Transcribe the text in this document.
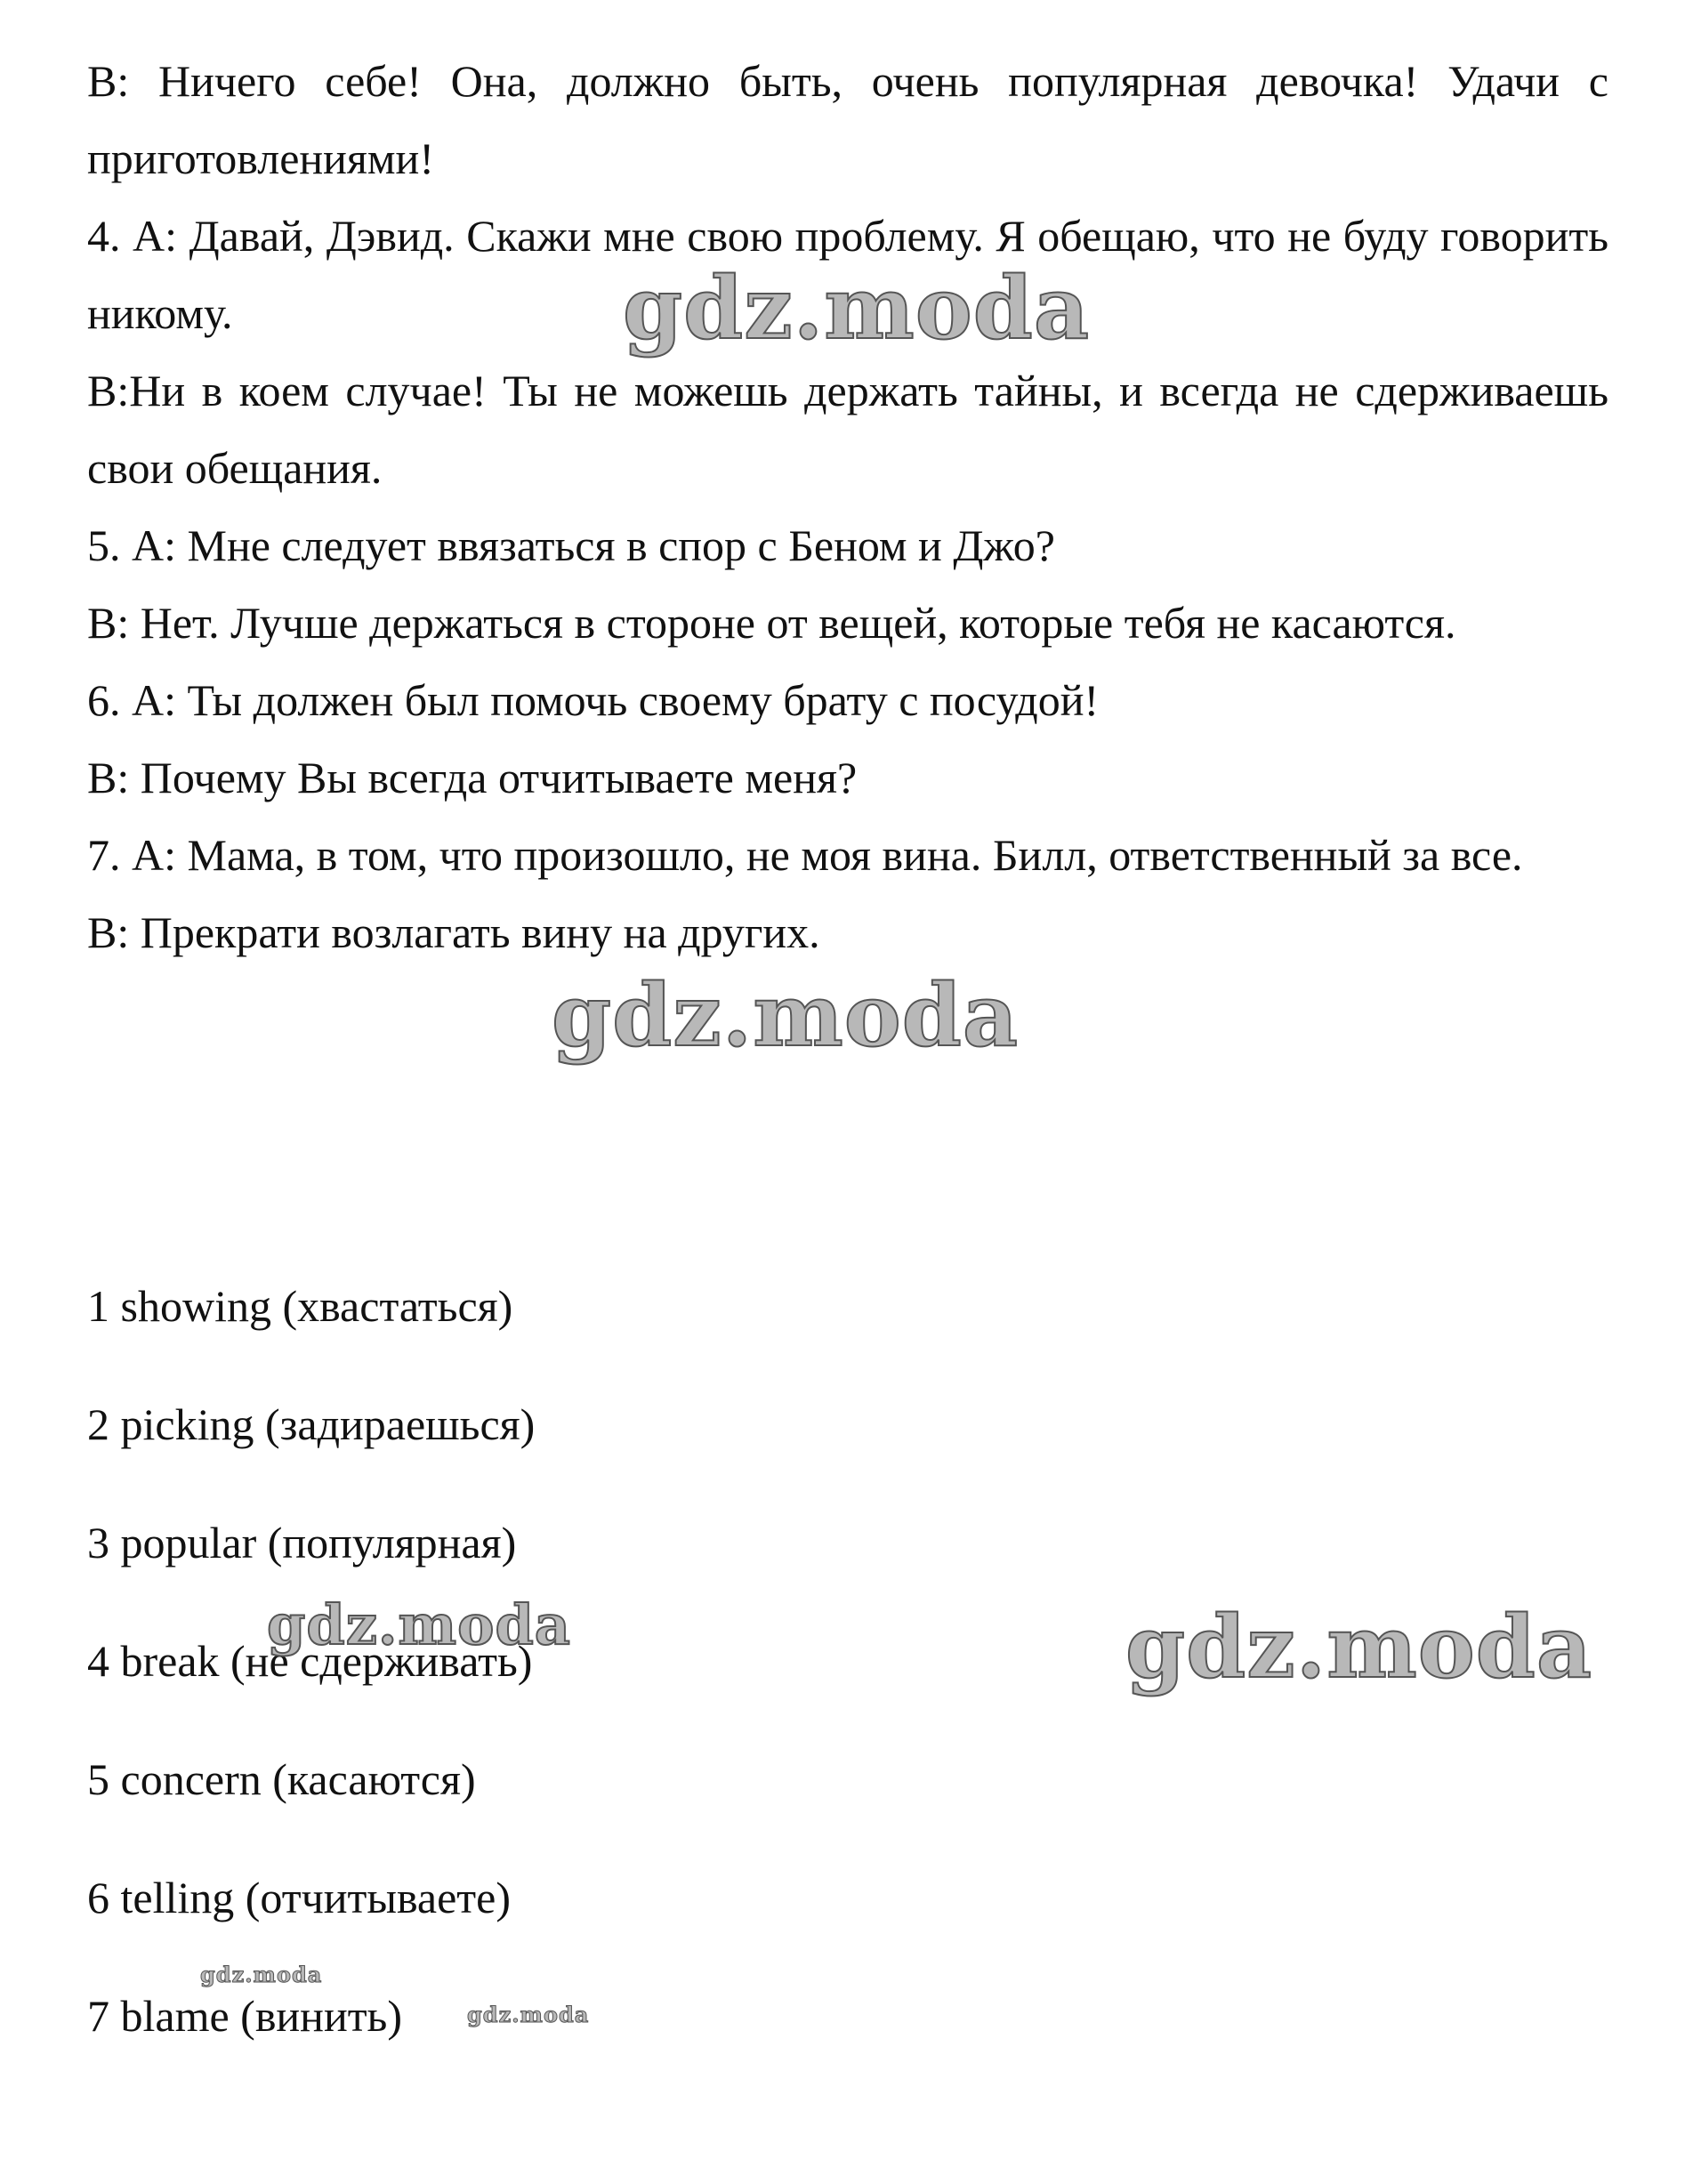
B: Ничего себе! Она, должно быть, очень популярная девочка! Удачи с приготовлениями!

4. А: Давай, Дэвид. Скажи мне свою проблему. Я обещаю, что не буду говорить никому.

В:Ни в коем случае! Ты не можешь держать тайны, и всегда не сдерживаешь свои обещания.

5. А: Мне следует ввязаться в спор с Беном и Джо?

В: Нет. Лучше держаться в стороне от вещей, которые тебя не касаются.

6. А: Ты должен был помочь своему брату с посудой!

В: Почему Вы всегда отчитываете меня?

7. А: Мама, в том, что произошло, не моя вина. Билл, ответственный за все.

В: Прекрати возлагать вину на других.

1 showing (хвастаться)

2 picking (задираешься)

3 popular (популярная)

4 break (не сдерживать)

5 concern (касаются)

6 telling (отчитываете)

7 blame (винить)

gdz.moda
gdz.moda
gdz.moda	gdz.moda
gdz.moda
gdz.moda
